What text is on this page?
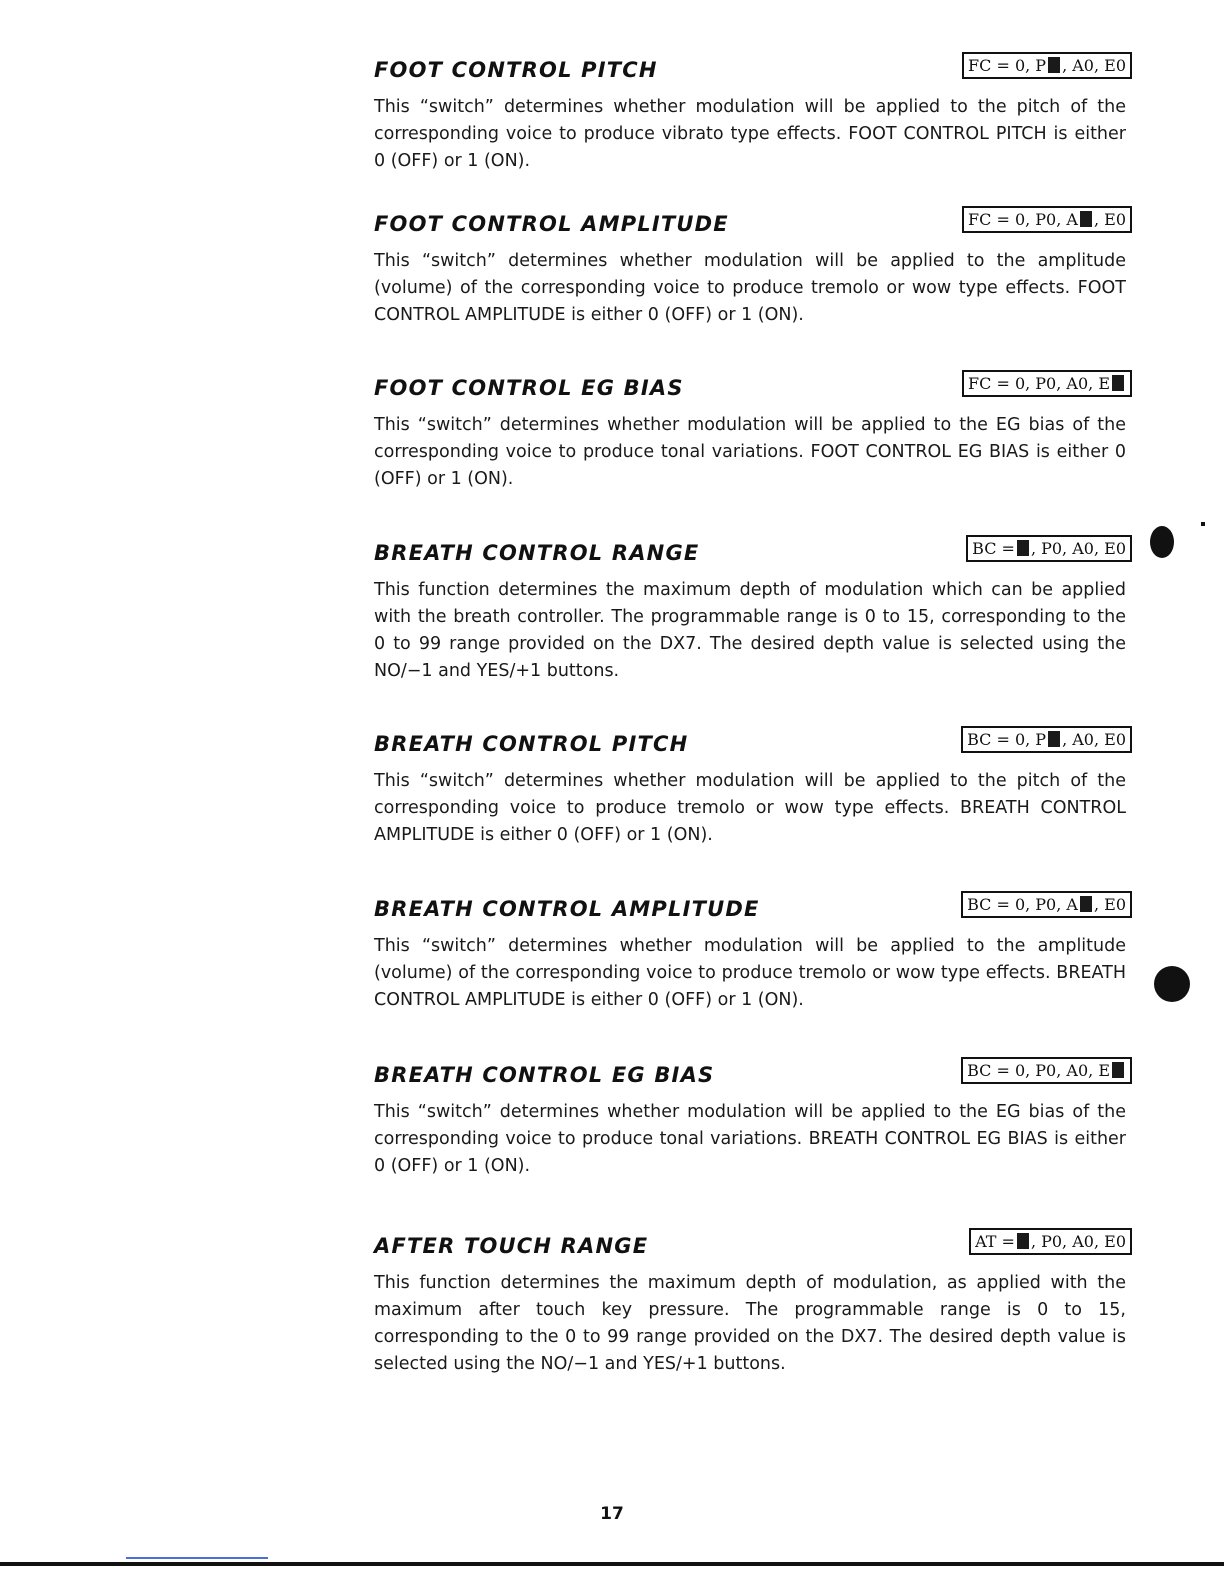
FOOT CONTROL PITCH	FC = 0, P , A0, E0

This “switch” determines whether modulation will be applied to the pitch of the corresponding voice to produce vibrato type effects. FOOT CONTROL PITCH is either 0 (OFF) or 1 (ON).

FOOT CONTROL AMPLITUDE	FC = 0, P0, A , E0

This “switch” determines whether modulation will be applied to the amplitude (volume) of the corresponding voice to produce tremolo or wow type effects. FOOT CONTROL AMPLITUDE is either 0 (OFF) or 1 (ON).

FOOT CONTROL EG BIAS	FC = 0, P0, A0, E

This “switch” determines whether modulation will be applied to the EG bias of the corresponding voice to produce tonal variations. FOOT CONTROL EG BIAS is either 0 (OFF) or 1 (ON).

BREATH CONTROL RANGE	BC = , P0, A0, E0

This function determines the maximum depth of modulation which can be applied with the breath controller. The programmable range is 0 to 15, corresponding to the 0 to 99 range provided on the DX7. The desired depth value is selected using the NO/−1 and YES/+1 buttons.

BREATH CONTROL PITCH	BC = 0, P , A0, E0

This “switch” determines whether modulation will be applied to the pitch of the corresponding voice to produce tremolo or wow type effects. BREATH CONTROL AMPLITUDE is either 0 (OFF) or 1 (ON).

BREATH CONTROL AMPLITUDE	BC = 0, P0, A , E0

This “switch” determines whether modulation will be applied to the amplitude (volume) of the corresponding voice to produce tremolo or wow type effects. BREATH CONTROL AMPLITUDE is either 0 (OFF) or 1 (ON).

BREATH CONTROL EG BIAS	BC = 0, P0, A0, E

This “switch” determines whether modulation will be applied to the EG bias of the corresponding voice to produce tonal variations. BREATH CONTROL EG BIAS is either 0 (OFF) or 1 (ON).

AFTER TOUCH RANGE	AT = , P0, A0, E0

This function determines the maximum depth of modulation, as applied with the maximum after touch key pressure. The programmable range is 0 to 15, corresponding to the 0 to 99 range provided on the DX7. The desired depth value is selected using the NO/−1 and YES/+1 buttons.

17
